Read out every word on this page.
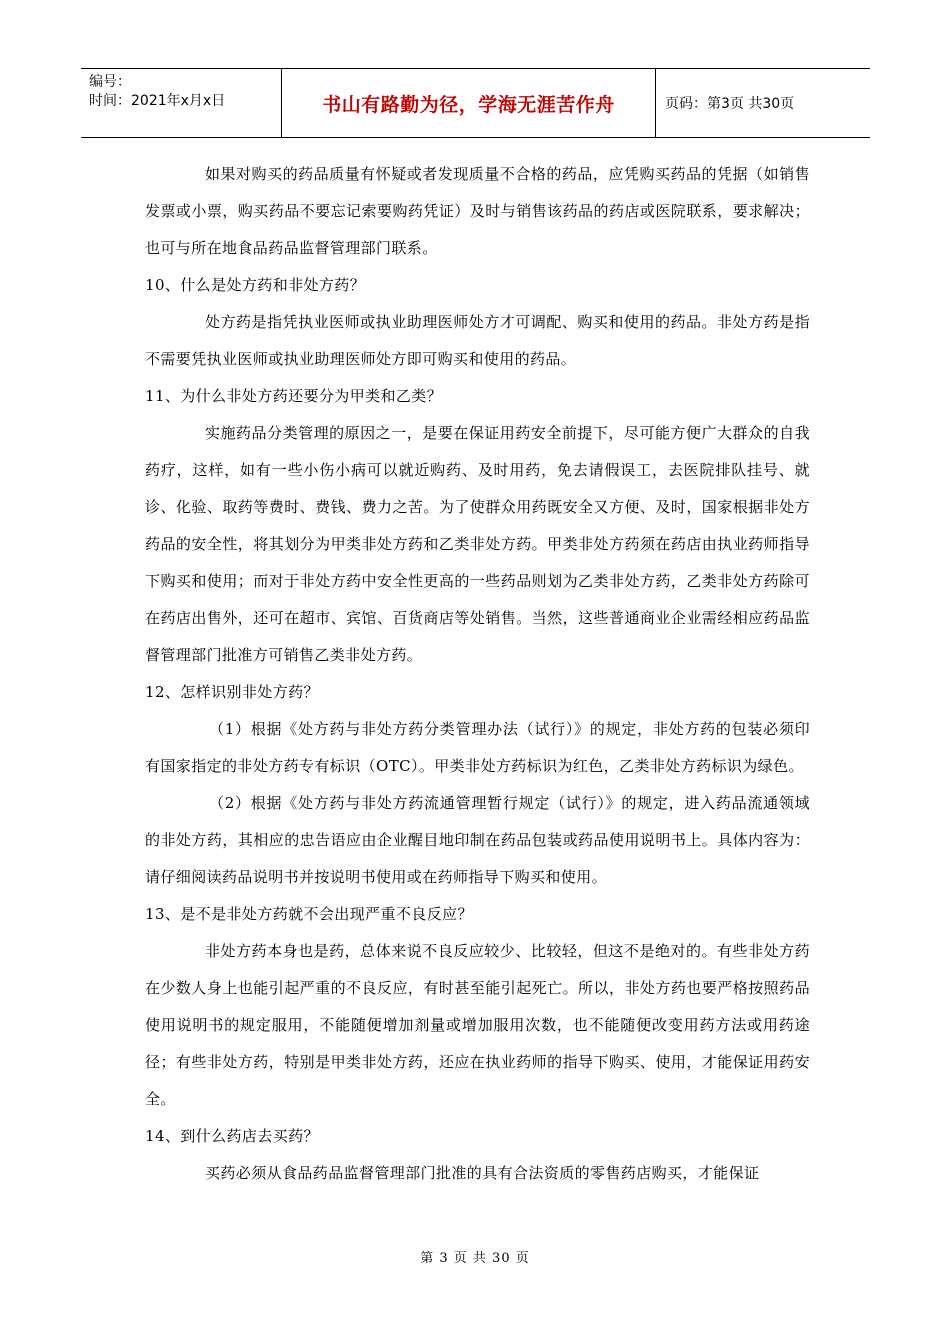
编号：
时间：2021年x月x日	书山有路勤为径，学海无涯苦作舟	页码：第3页 共30页

如果对购买的药品质量有怀疑或者发现质量不合格的药品，应凭购买药品的凭据（如销售发票或小票，购买药品不要忘记索要购药凭证）及时与销售该药品的药店或医院联系，要求解决；也可与所在地食品药品监督管理部门联系。

10、什么是处方药和非处方药？

处方药是指凭执业医师或执业助理医师处方才可调配、购买和使用的药品。非处方药是指不需要凭执业医师或执业助理医师处方即可购买和使用的药品。

11、为什么非处方药还要分为甲类和乙类？

实施药品分类管理的原因之一，是要在保证用药安全前提下，尽可能方便广大群众的自我药疗，这样，如有一些小伤小病可以就近购药、及时用药，免去请假误工，去医院排队挂号、就诊、化验、取药等费时、费钱、费力之苦。为了使群众用药既安全又方便、及时，国家根据非处方药品的安全性，将其划分为甲类非处方药和乙类非处方药。甲类非处方药须在药店由执业药师指导下购买和使用；而对于非处方药中安全性更高的一些药品则划为乙类非处方药，乙类非处方药除可在药店出售外，还可在超市、宾馆、百货商店等处销售。当然，这些普通商业企业需经相应药品监督管理部门批准方可销售乙类非处方药。

12、怎样识别非处方药？

（1）根据《处方药与非处方药分类管理办法（试行）》的规定，非处方药的包装必须印有国家指定的非处方药专有标识（OTC）。甲类非处方药标识为红色，乙类非处方药标识为绿色。

（2）根据《处方药与非处方药流通管理暂行规定（试行）》的规定，进入药品流通领域的非处方药，其相应的忠告语应由企业醒目地印制在药品包装或药品使用说明书上。具体内容为：请仔细阅读药品说明书并按说明书使用或在药师指导下购买和使用。

13、是不是非处方药就不会出现严重不良反应？

非处方药本身也是药，总体来说不良反应较少、比较轻，但这不是绝对的。有些非处方药在少数人身上也能引起严重的不良反应，有时甚至能引起死亡。所以，非处方药也要严格按照药品使用说明书的规定服用，不能随便增加剂量或增加服用次数，也不能随便改变用药方法或用药途径；有些非处方药，特别是甲类非处方药，还应在执业药师的指导下购买、使用，才能保证用药安全。

14、到什么药店去买药？

买药必须从食品药品监督管理部门批准的具有合法资质的零售药店购买，才能保证

第 3 页 共 30 页
